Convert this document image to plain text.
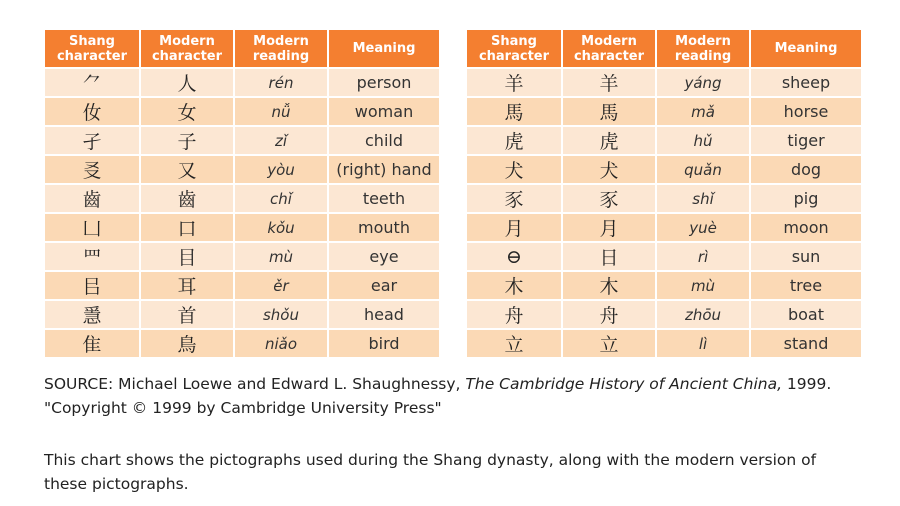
Shang character	Modern character	Modern reading	Meaning
⺈	人	rén	person
㚢	女	nǚ	woman
孑	子	zǐ	child
㕛	又	yòu	(right) hand
齒	齒	chǐ	teeth
凵	口	kǒu	mouth
罒	目	mù	eye
㠯	耳	ěr	ear
㥯	首	shǒu	head
隹	鳥	niǎo	bird
Shang character	Modern character	Modern reading	Meaning
羊	羊	yáng	sheep
馬	馬	mǎ	horse
虎	虎	hǔ	tiger
犬	犬	quǎn	dog
豕	豕	shǐ	pig
月	月	yuè	moon
⊖	日	rì	sun
木	木	mù	tree
舟	舟	zhōu	boat
立	立	lì	stand

SOURCE: Michael Loewe and Edward L. Shaughnessy, The Cambridge History of Ancient China, 1999. "Copyright © 1999 by Cambridge University Press"

This chart shows the pictographs used during the Shang dynasty, along with the modern version of these pictographs.
